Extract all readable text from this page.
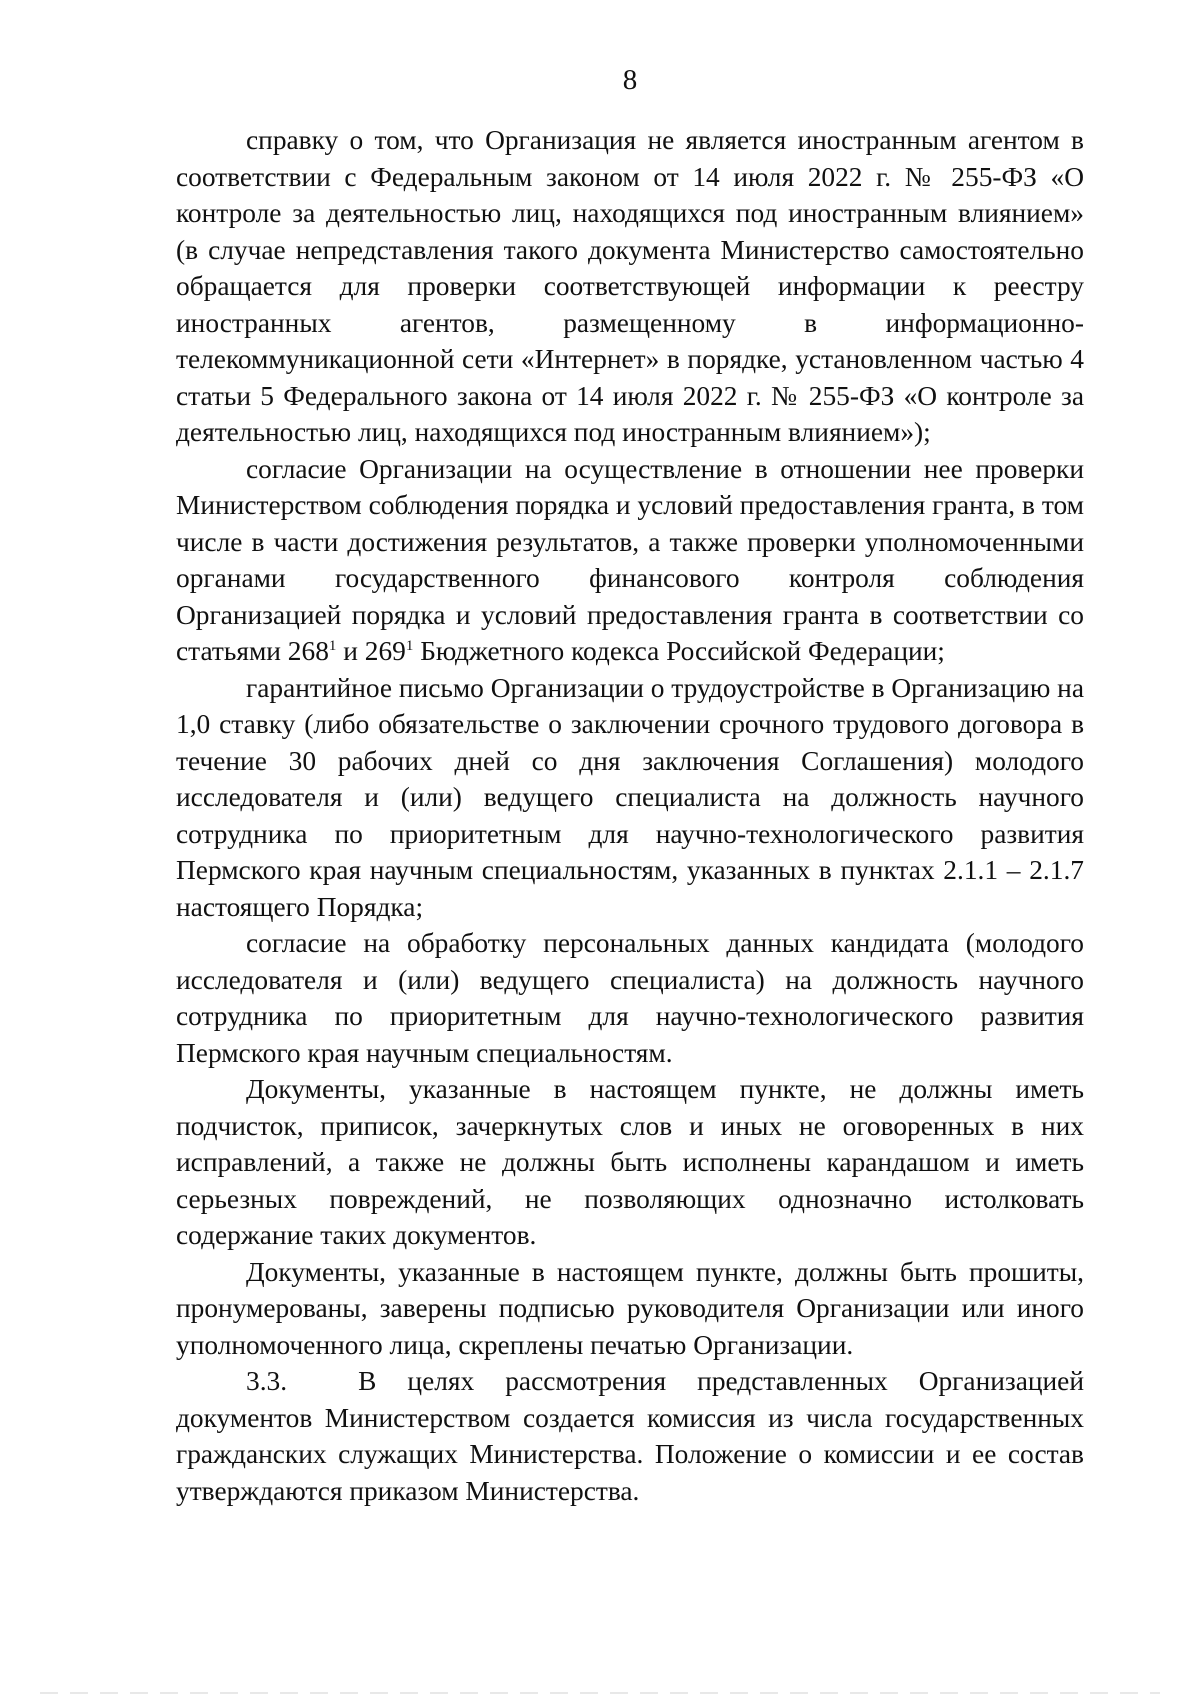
8

справку о том, что Организация не является иностранным агентом в соответствии с Федеральным законом от 14 июля 2022 г. № 255-ФЗ «О контроле за деятельностью лиц, находящихся под иностранным влиянием» (в случае непредставления такого документа Министерство самостоятельно обращается для проверки соответствующей информации к реестру иностранных агентов, размещенному в информационно-телекоммуникационной сети «Интернет» в порядке, установленном частью 4 статьи 5 Федерального закона от 14 июля 2022 г. № 255-ФЗ «О контроле за деятельностью лиц, находящихся под иностранным влиянием»);

согласие Организации на осуществление в отношении нее проверки Министерством соблюдения порядка и условий предоставления гранта, в том числе в части достижения результатов, а также проверки уполномоченными органами государственного финансового контроля соблюдения Организацией порядка и условий предоставления гранта в соответствии со статьями $268^1$ и $269^1$ Бюджетного кодекса Российской Федерации;

гарантийное письмо Организации о трудоустройстве в Организацию на 1,0 ставку (либо обязательстве о заключении срочного трудового договора в течение 30 рабочих дней со дня заключения Соглашения) молодого исследователя и (или) ведущего специалиста на должность научного сотрудника по приоритетным для научно-технологического развития Пермского края научным специальностям, указанных в пунктах 2.1.1 – 2.1.7 настоящего Порядка;

согласие на обработку персональных данных кандидата (молодого исследователя и (или) ведущего специалиста) на должность научного сотрудника по приоритетным для научно-технологического развития Пермского края научным специальностям.

Документы, указанные в настоящем пункте, не должны иметь подчисток, приписок, зачеркнутых слов и иных не оговоренных в них исправлений, а также не должны быть исполнены карандашом и иметь серьезных повреждений, не позволяющих однозначно истолковать содержание таких документов.

Документы, указанные в настоящем пункте, должны быть прошиты, пронумерованы, заверены подписью руководителя Организации или иного уполномоченного лица, скреплены печатью Организации.

3.3. В целях рассмотрения представленных Организацией документов Министерством создается комиссия из числа государственных гражданских служащих Министерства. Положение о комиссии и ее состав утверждаются приказом Министерства.
